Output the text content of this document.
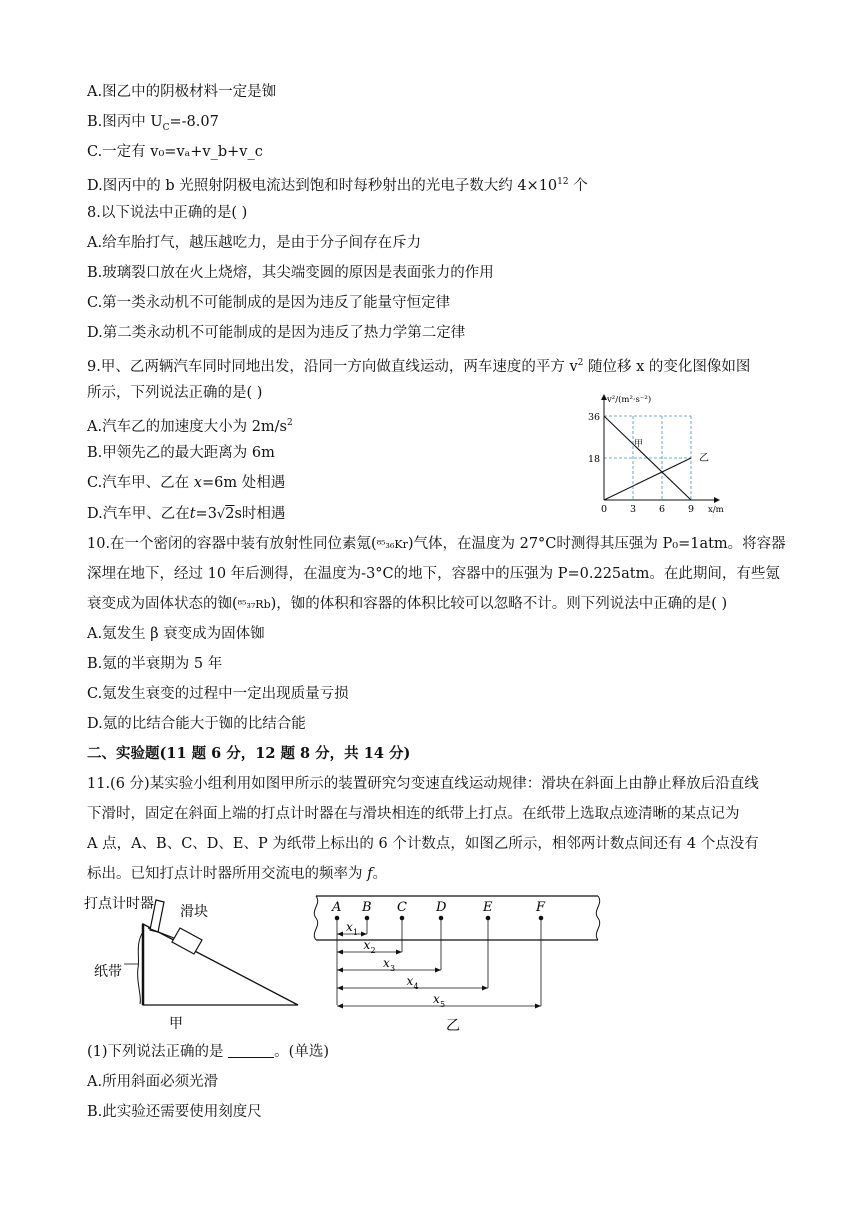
A.图乙中的阴极材料一定是铷
B.图丙中 $U_C=-8.07$
C.一定有 v₀=vₐ+v_b+v_c
D.图丙中的 b 光照射阴极电流达到饱和时每秒射出的光电子数大约 $4\times 10^{12}$ 个
8.以下说法中正确的是( )
A.给车胎打气，越压越吃力，是由于分子间存在斥力
B.玻璃裂口放在火上烧熔，其尖端变圆的原因是表面张力的作用
C.第一类永动机不可能制成的是因为违反了能量守恒定律
D.第二类永动机不可能制成的是因为违反了热力学第二定律
9.甲、乙两辆汽车同时同地出发，沿同一方向做直线运动，两车速度的平方 $v^2$ 随位移 x 的变化图像如图
所示，下列说法正确的是( )
A.汽车乙的加速度大小为 $2m/s^2$
B.甲领先乙的最大距离为 6m
C.汽车甲、乙在 x=6m 处相遇
D.汽车甲、乙在t=3√2s时相遇
甲
乙
0 3 6 9
18
36
v²/(m²·s⁻²)
x/m
10.在一个密闭的容器中装有放射性同位素氪(⁸⁵₃₆Kr)气体，在温度为 27°C时测得其压强为 P₀=1atm。将容器
深埋在地下，经过 10 年后测得，在温度为-3°C的地下，容器中的压强为 P=0.225atm。在此期间，有些氪
衰变成为固体状态的铷(⁸⁵₃₇Rb)，铷的体积和容器的体积比较可以忽略不计。则下列说法中正确的是( )
A.氪发生 β 衰变成为固体铷
B.氪的半衰期为 5 年
C.氪发生衰变的过程中一定出现质量亏损
D.氪的比结合能大于铷的比结合能
二、实验题(11 题 6 分，12 题 8 分，共 14 分)
11.(6 分)某实验小组利用如图甲所示的装置研究匀变速直线运动规律：滑块在斜面上由静止释放后沿直线
下滑时，固定在斜面上端的打点计时器在与滑块相连的纸带上打点。在纸带上选取点迹清晰的某点记为
A 点，A、B、C、D、E、P 为纸带上标出的 6 个计数点，如图乙所示，相邻两计数点间还有 4 个点没有
标出。已知打点计时器所用交流电的频率为 f。
打点计时器 滑块
纸带
甲
A B C D	E	F
x 1
x 2
x 3
x 4
x 5
乙
(1)下列说法正确的是	。(单选)
A.所用斜面必须光滑
B.此实验还需要使用刻度尺
